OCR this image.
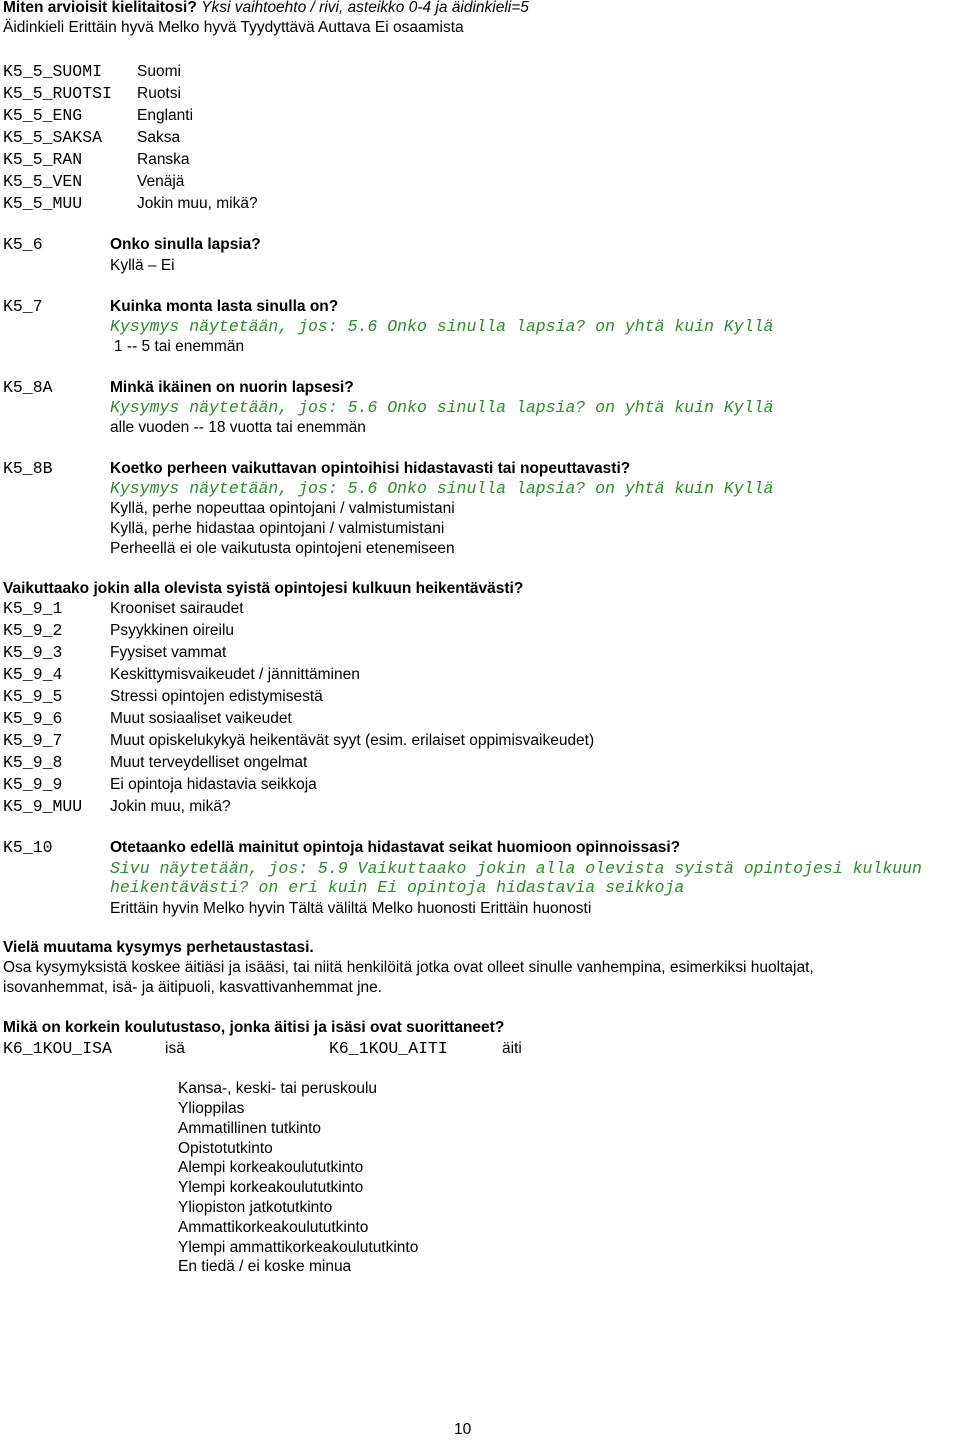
Miten arvioisit kielitaitosi? Yksi vaihtoehto / rivi, asteikko 0-4 ja äidinkieli=5
Äidinkieli Erittäin hyvä Melko hyvä Tyydyttävä Auttava Ei osaamista
K5_5_SUOMI Suomi
K5_5_RUOTSI Ruotsi
K5_5_ENG	Englanti
K5_5_SAKSA Saksa
K5_5_RAN	Ranska
K5_5_VEN	Venäjä
K5_5_MUU	Jokin muu, mikä?
K5_6	Onko sinulla lapsia?
Kyllä – Ei
K5_7	Kuinka monta lasta sinulla on?
Kysymys näytetään, jos: 5.6 Onko sinulla lapsia? on yhtä kuin Kyllä
1 -- 5 tai enemmän
K5_8A	Minkä ikäinen on nuorin lapsesi?
Kysymys näytetään, jos: 5.6 Onko sinulla lapsia? on yhtä kuin Kyllä
alle vuoden -- 18 vuotta tai enemmän
K5_8B	Koetko perheen vaikuttavan opintoihisi hidastavasti tai nopeuttavasti?
Kysymys näytetään, jos: 5.6 Onko sinulla lapsia? on yhtä kuin Kyllä
Kyllä, perhe nopeuttaa opintojani / valmistumistani
Kyllä, perhe hidastaa opintojani / valmistumistani
Perheellä ei ole vaikutusta opintojeni etenemiseen
Vaikuttaako jokin alla olevista syistä opintojesi kulkuun heikentävästi?
K5_9_1	Krooniset sairaudet
K5_9_2	Psyykkinen oireilu
K5_9_3	Fyysiset vammat
K5_9_4	Keskittymisvaikeudet / jännittäminen
K5_9_5	Stressi opintojen edistymisestä
K5_9_6	Muut sosiaaliset vaikeudet
K5_9_7	Muut opiskelukykyä heikentävät syyt (esim. erilaiset oppimisvaikeudet)
K5_9_8	Muut terveydelliset ongelmat
K5_9_9	Ei opintoja hidastavia seikkoja
K5_9_MUU Jokin muu, mikä?
K5_10	Otetaanko edellä mainitut opintoja hidastavat seikat huomioon opinnoissasi?
Sivu näytetään, jos: 5.9 Vaikuttaako jokin alla olevista syistä opintojesi kulkuun
heikentävästi? on eri kuin Ei opintoja hidastavia seikkoja
Erittäin hyvin Melko hyvin Tältä väliltä Melko huonosti Erittäin huonosti
Vielä muutama kysymys perhetaustastasi.
Osa kysymyksistä koskee äitiäsi ja isääsi, tai niitä henkilöitä jotka ovat olleet sinulle vanhempina, esimerkiksi huoltajat,
isovanhemmat, isä- ja äitipuoli, kasvattivanhemmat jne.
Mikä on korkein koulutustaso, jonka äitisi ja isäsi ovat suorittaneet?
K6_1KOU_ISA	isä	K6_1KOU_AITI	äiti
Kansa-, keski- tai peruskoulu
Ylioppilas
Ammatillinen tutkinto
Opistotutkinto
Alempi korkeakoulututkinto
Ylempi korkeakoulututkinto
Yliopiston jatkotutkinto
Ammattikorkeakoulututkinto
Ylempi ammattikorkeakoulututkinto
En tiedä / ei koske minua
10
